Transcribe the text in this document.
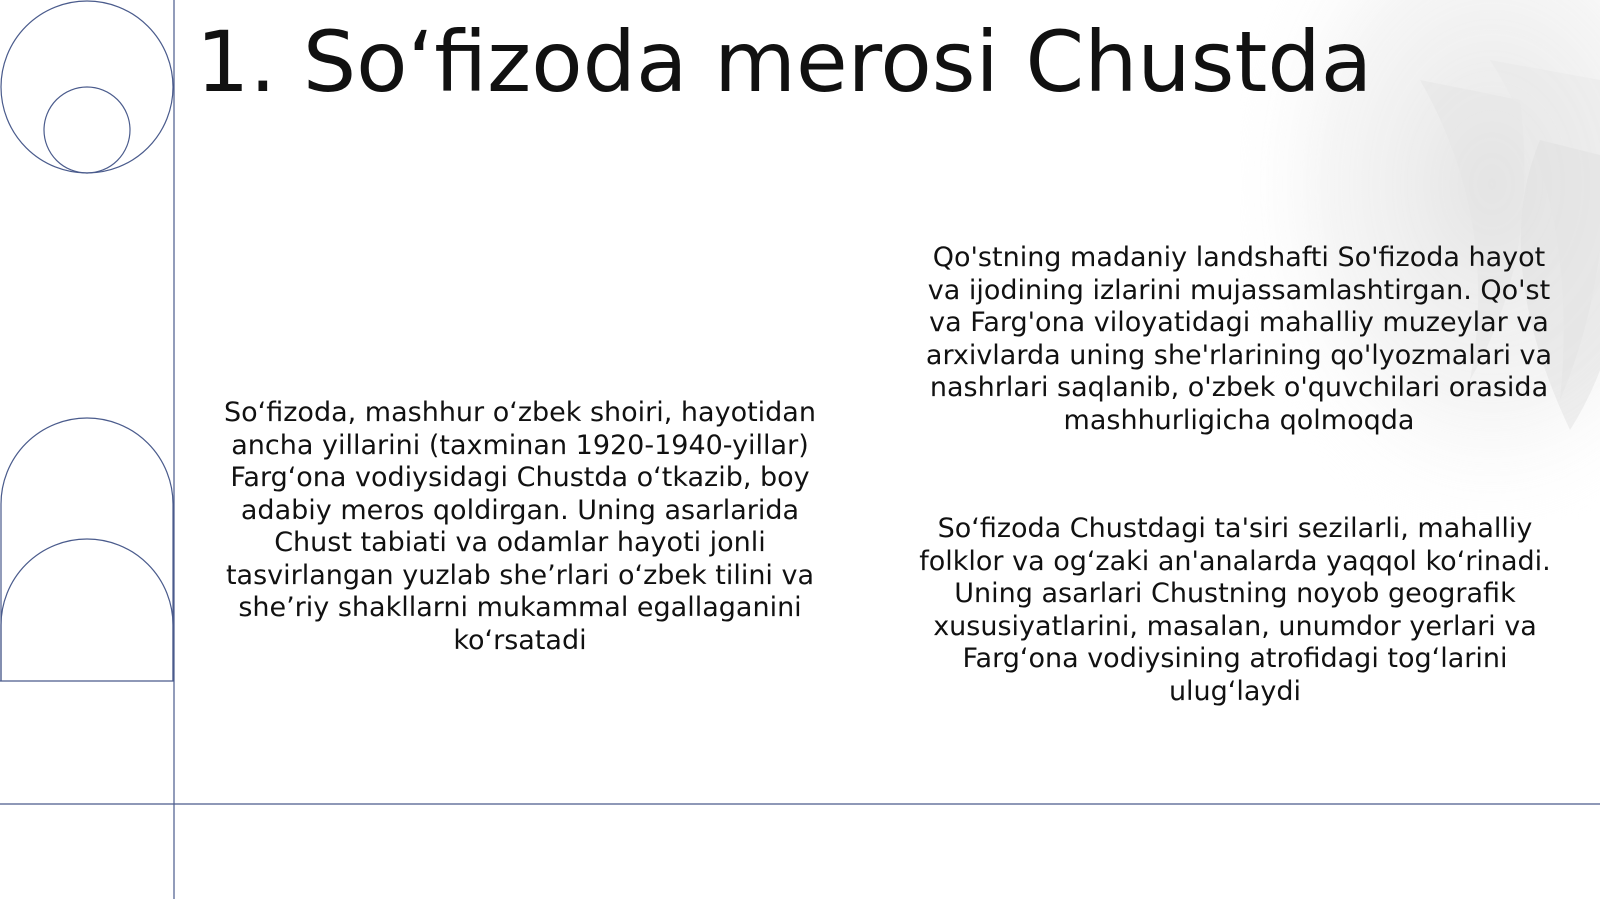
1. So‘fizoda merosi Chustda

So‘fizoda, mashhur o‘zbek shoiri, hayotidan ancha yillarini (taxminan 1920-1940-yillar) Farg‘ona vodiysidagi Chustda o‘tkazib, boy adabiy meros qoldirgan. Uning asarlarida Chust tabiati va odamlar hayoti jonli tasvirlangan yuzlab she’rlari o‘zbek tilini va she’riy shakllarni mukammal egallaganini ko‘rsatadi

Qo'stning madaniy landshafti So'fizoda hayot va ijodining izlarini mujassamlashtirgan. Qo'st va Farg'ona viloyatidagi mahalliy muzeylar va arxivlarda uning she'rlarining qo'lyozmalari va nashrlari saqlanib, o'zbek o'quvchilari orasida mashhurligicha qolmoqda

So‘fizoda Chustdagi ta'siri sezilarli, mahalliy folklor va og‘zaki an'analarda yaqqol ko‘rinadi. Uning asarlari Chustning noyob geografik xususiyatlarini, masalan, unumdor yerlari va Farg‘ona vodiysining atrofidagi tog‘larini ulug‘laydi
